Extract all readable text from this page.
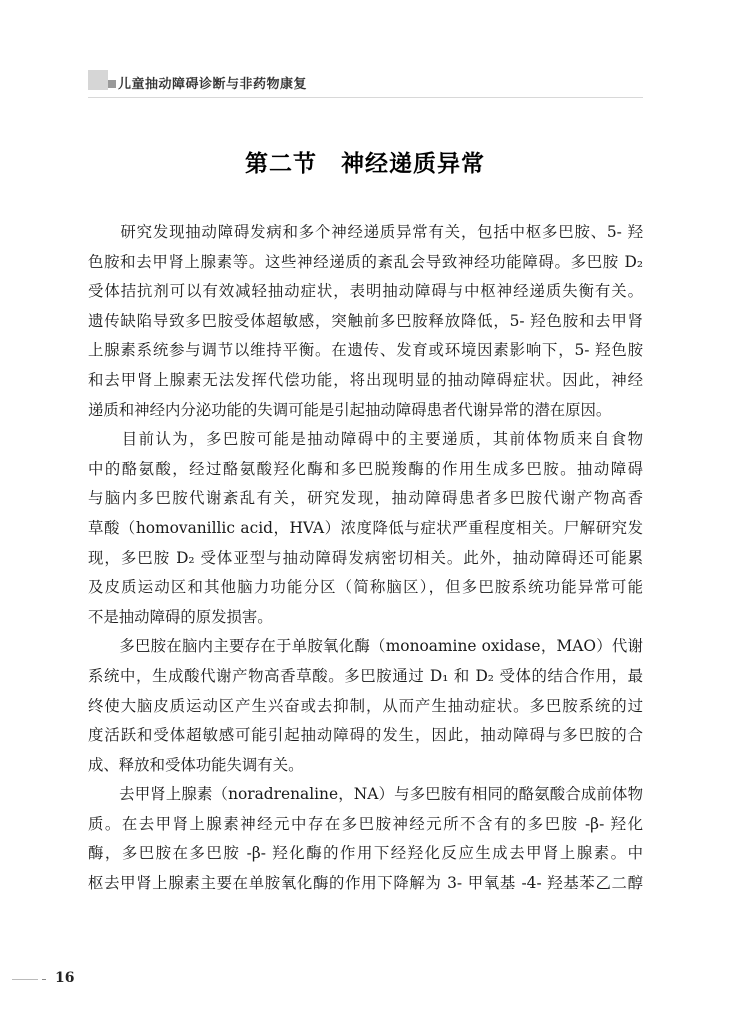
儿童抽动障碍诊断与非药物康复
第二节　神经递质异常
　　研究发现抽动障碍发病和多个神经递质异常有关，包括中枢多巴胺、5- 羟
色胺和去甲肾上腺素等。这些神经递质的紊乱会导致神经功能障碍。多巴胺 D₂
受体拮抗剂可以有效减轻抽动症状，表明抽动障碍与中枢神经递质失衡有关。
遗传缺陷导致多巴胺受体超敏感，突触前多巴胺释放降低，5- 羟色胺和去甲肾
上腺素系统参与调节以维持平衡。在遗传、发育或环境因素影响下，5- 羟色胺
和去甲肾上腺素无法发挥代偿功能，将出现明显的抽动障碍症状。因此，神经
递质和神经内分泌功能的失调可能是引起抽动障碍患者代谢异常的潜在原因。
　　目前认为，多巴胺可能是抽动障碍中的主要递质，其前体物质来自食物
中的酪氨酸，经过酪氨酸羟化酶和多巴脱羧酶的作用生成多巴胺。抽动障碍
与脑内多巴胺代谢紊乱有关，研究发现，抽动障碍患者多巴胺代谢产物高香
草酸（homovanillic acid，HVA）浓度降低与症状严重程度相关。尸解研究发
现，多巴胺 D₂ 受体亚型与抽动障碍发病密切相关。此外，抽动障碍还可能累
及皮质运动区和其他脑力功能分区（简称脑区），但多巴胺系统功能异常可能
不是抽动障碍的原发损害。
　　多巴胺在脑内主要存在于单胺氧化酶（monoamine oxidase，MAO）代谢
系统中，生成酸代谢产物高香草酸。多巴胺通过 D₁ 和 D₂ 受体的结合作用，最
终使大脑皮质运动区产生兴奋或去抑制，从而产生抽动症状。多巴胺系统的过
度活跃和受体超敏感可能引起抽动障碍的发生，因此，抽动障碍与多巴胺的合
成、释放和受体功能失调有关。
　　去甲肾上腺素（noradrenaline，NA）与多巴胺有相同的酪氨酸合成前体物
质。在去甲肾上腺素神经元中存在多巴胺神经元所不含有的多巴胺 -β- 羟化
酶，多巴胺在多巴胺 -β- 羟化酶的作用下经羟化反应生成去甲肾上腺素。中
枢去甲肾上腺素主要在单胺氧化酶的作用下降解为 3- 甲氧基 -4- 羟基苯乙二醇
16
